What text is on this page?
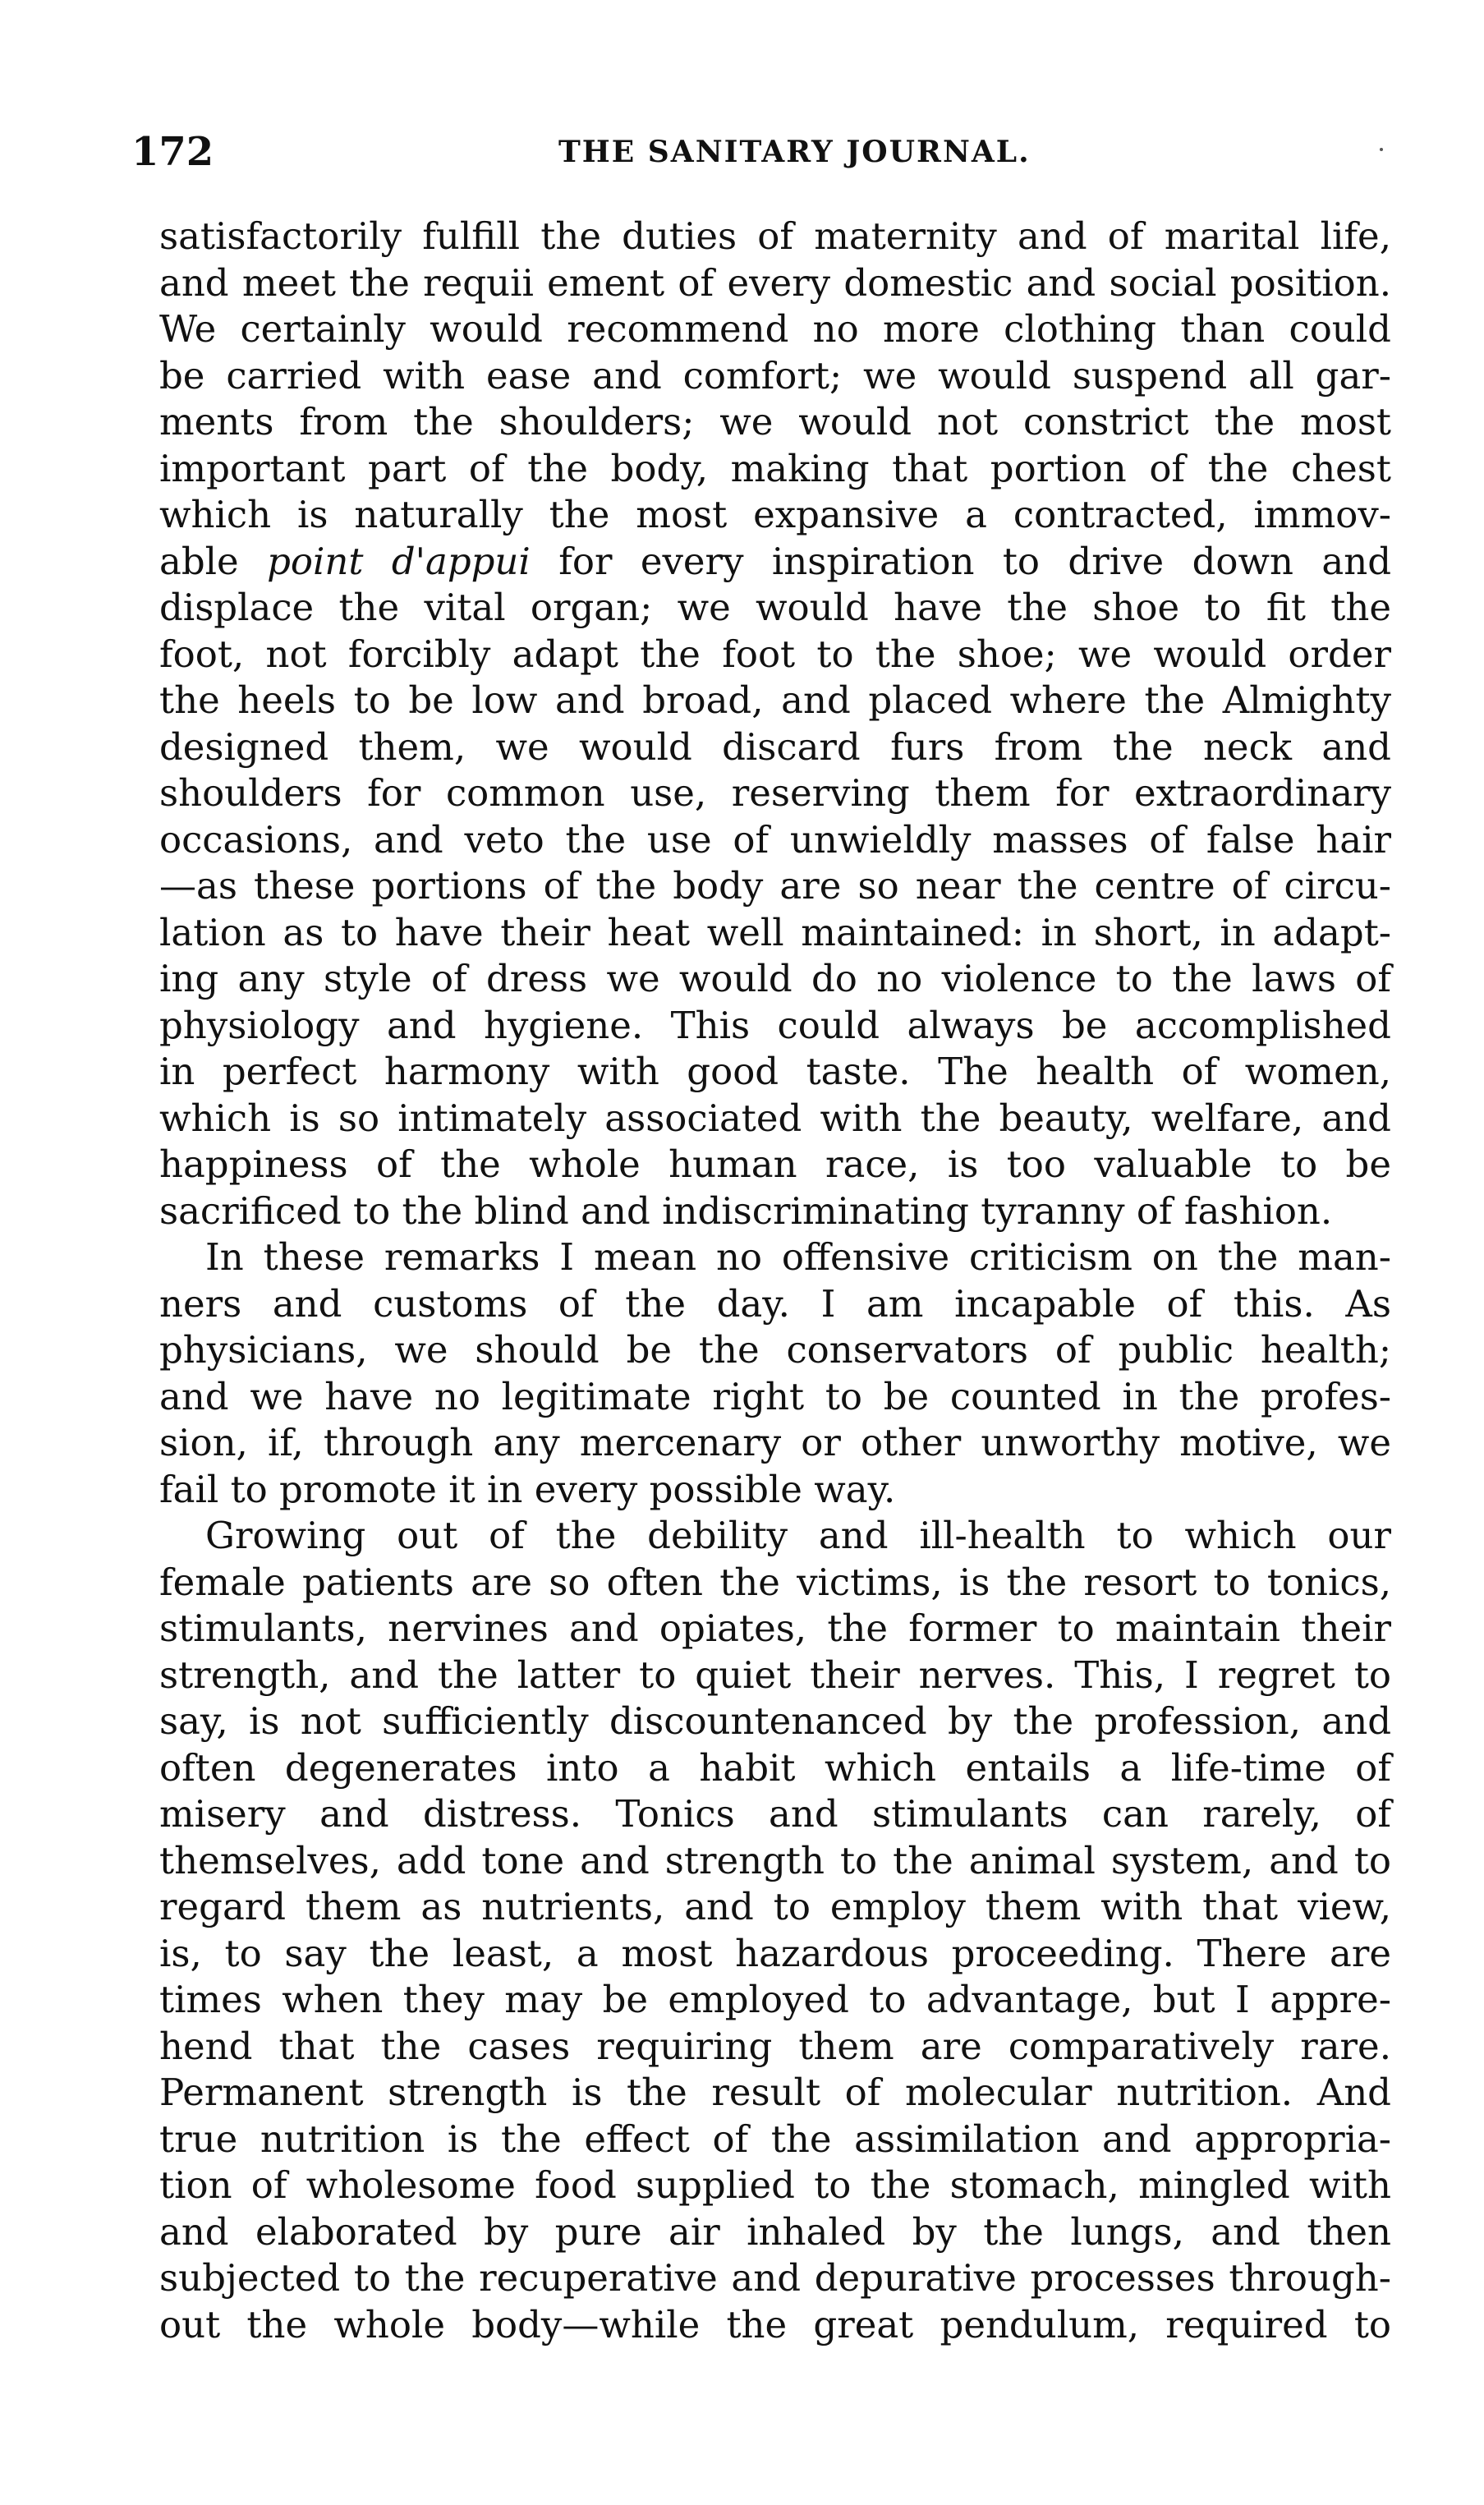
172	THE SANITARY JOURNAL.
satisfactorily fulfill the duties of maternity and of marital life,
and meet the requii ement of every domestic and social position.
We certainly would recommend no more clothing than could
be carried with ease and comfort; we would suspend all gar-
ments from the shoulders; we would not constrict the most
important part of the body, making that portion of the chest
which is naturally the most expansive a contracted, immov-
able point d'appui for every inspiration to drive down and
displace the vital organ; we would have the shoe to fit the
foot, not forcibly adapt the foot to the shoe; we would order
the heels to be low and broad, and placed where the Almighty
designed them, we would discard furs from the neck and
shoulders for common use, reserving them for extraordinary
occasions, and veto the use of unwieldly masses of false hair
—as these portions of the body are so near the centre of circu-
lation as to have their heat well maintained: in short, in adapt-
ing any style of dress we would do no violence to the laws of
physiology and hygiene. This could always be accomplished
in perfect harmony with good taste. The health of women,
which is so intimately associated with the beauty, welfare, and
happiness of the whole human race, is too valuable to be
sacrificed to the blind and indiscriminating tyranny of fashion.
In these remarks I mean no offensive criticism on the man-
ners and customs of the day. I am incapable of this. As
physicians, we should be the conservators of public health;
and we have no legitimate right to be counted in the profes-
sion, if, through any mercenary or other unworthy motive, we
fail to promote it in every possible way.
Growing out of the debility and ill-health to which our
female patients are so often the victims, is the resort to tonics,
stimulants, nervines and opiates, the former to maintain their
strength, and the latter to quiet their nerves. This, I regret to
say, is not sufficiently discountenanced by the profession, and
often degenerates into a habit which entails a life-time of
misery and distress. Tonics and stimulants can rarely, of
themselves, add tone and strength to the animal system, and to
regard them as nutrients, and to employ them with that view,
is, to say the least, a most hazardous proceeding. There are
times when they may be employed to advantage, but I appre-
hend that the cases requiring them are comparatively rare.
Permanent strength is the result of molecular nutrition. And
true nutrition is the effect of the assimilation and appropria-
tion of wholesome food supplied to the stomach, mingled with
and elaborated by pure air inhaled by the lungs, and then
subjected to the recuperative and depurative processes through-
out the whole body—while the great pendulum, required to
